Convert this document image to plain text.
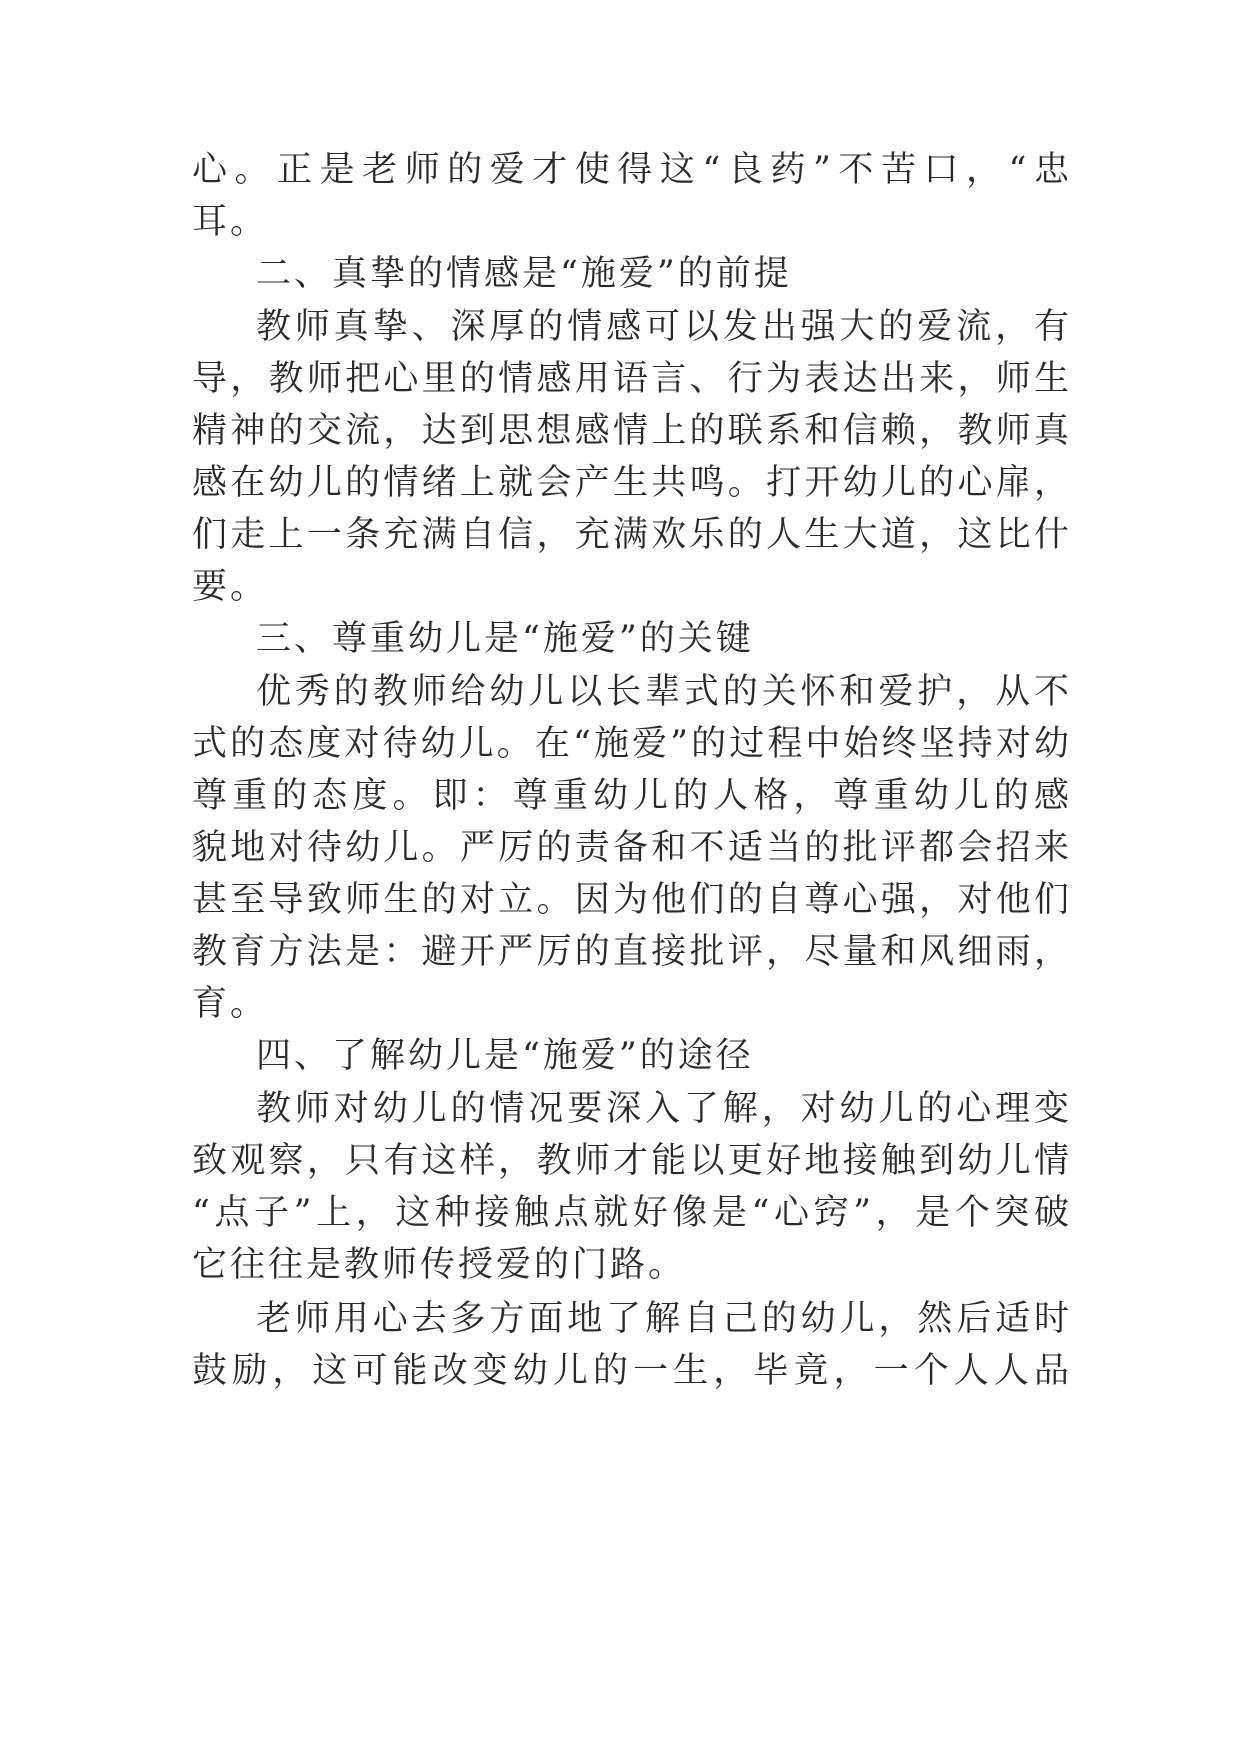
心。正是老师的爱才使得这“良药”不苦口，“忠
耳。
二、真挚的情感是“施爱”的前提
教师真挚、深厚的情感可以发出强大的爱流，有
导，教师把心里的情感用语言、行为表达出来，师生
精神的交流，达到思想感情上的联系和信赖，教师真
感在幼儿的情绪上就会产生共鸣。打开幼儿的心扉，
们走上一条充满自信，充满欢乐的人生大道，这比什
要。
三、尊重幼儿是“施爱”的关键
优秀的教师给幼儿以长辈式的关怀和爱护，从不
式的态度对待幼儿。在“施爱”的过程中始终坚持对幼
尊重的态度。即：尊重幼儿的人格，尊重幼儿的感
貌地对待幼儿。严厉的责备和不适当的批评都会招来
甚至导致师生的对立。因为他们的自尊心强，对他们
教育方法是：避开严厉的直接批评，尽量和风细雨，
育。
四、了解幼儿是“施爱”的途径
教师对幼儿的情况要深入了解，对幼儿的心理变
致观察，只有这样，教师才能以更好地接触到幼儿情
“点子”上，这种接触点就好像是“心窍”，是个突破
它往往是教师传授爱的门路。
老师用心去多方面地了解自己的幼儿，然后适时
鼓励，这可能改变幼儿的一生，毕竟，一个人人品
